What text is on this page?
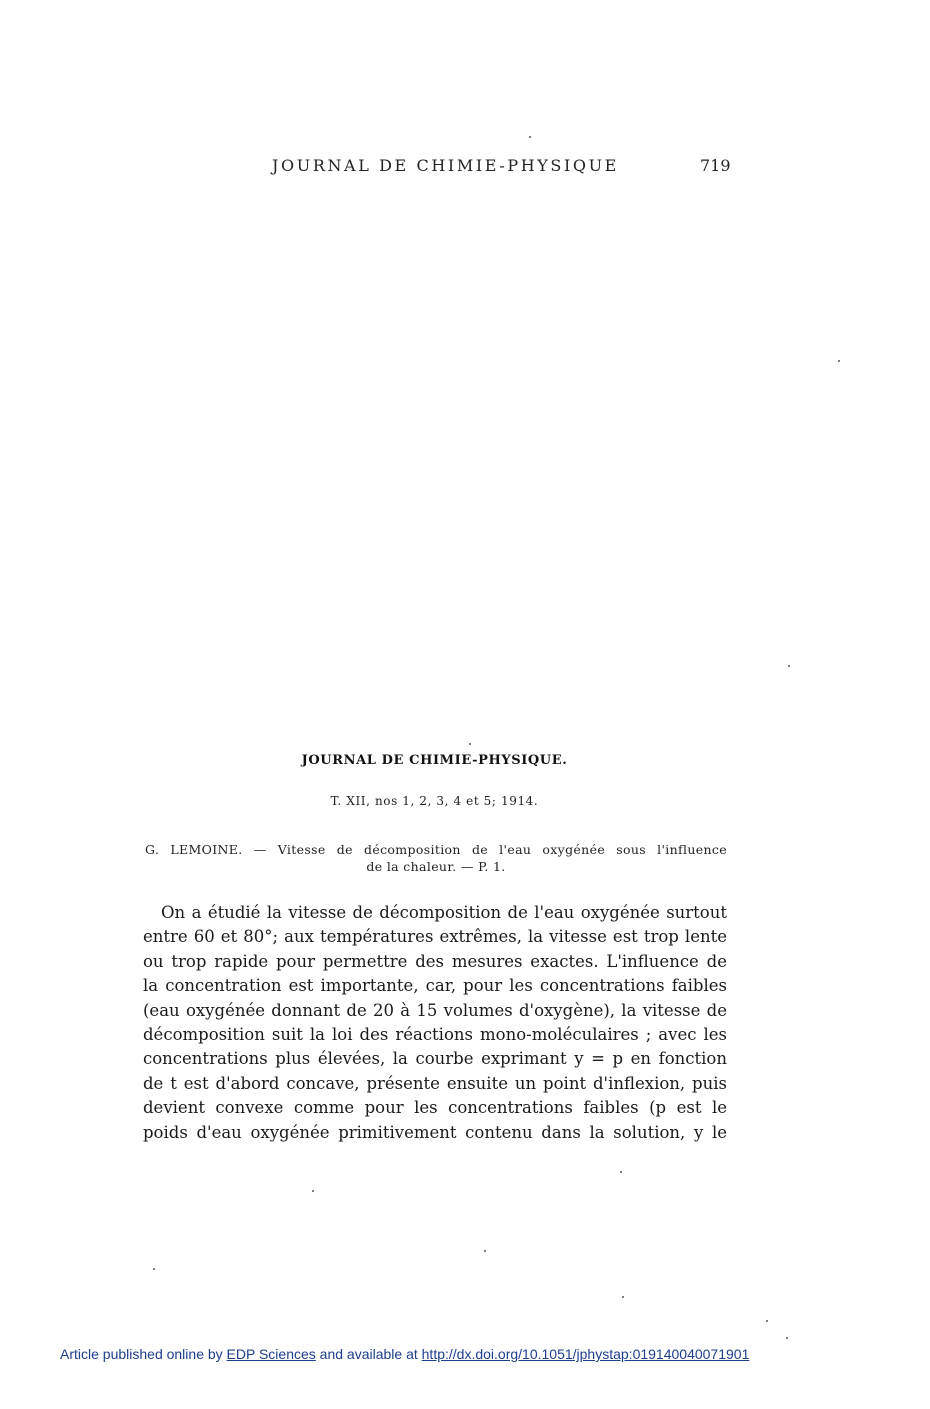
JOURNAL DE CHIMIE-PHYSIQUE	719
JOURNAL DE CHIMIE-PHYSIQUE.
T. XII, nos 1, 2, 3, 4 et 5; 1914.
G. LEMOINE. — Vitesse de décomposition de l'eau oxygénée sous l'influence
de la chaleur. — P. 1.
On a étudié la vitesse de décomposition de l'eau oxygénée surtout
entre 60 et 80°; aux températures extrêmes, la vitesse est trop lente
ou trop rapide pour permettre des mesures exactes. L'influence de
la concentration est importante, car, pour les concentrations faibles
(eau oxygénée donnant de 20 à 15 volumes d'oxygène), la vitesse de
décomposition suit la loi des réactions mono-moléculaires ; avec les
concentrations plus élevées, la courbe exprimant y = p en fonction
de t est d'abord concave, présente ensuite un point d'inflexion, puis
devient convexe comme pour les concentrations faibles (p est le
poids d'eau oxygénée primitivement contenu dans la solution, y le
Article published online by EDP Sciences and available at http://dx.doi.org/10.1051/jphystap:019140040071901
